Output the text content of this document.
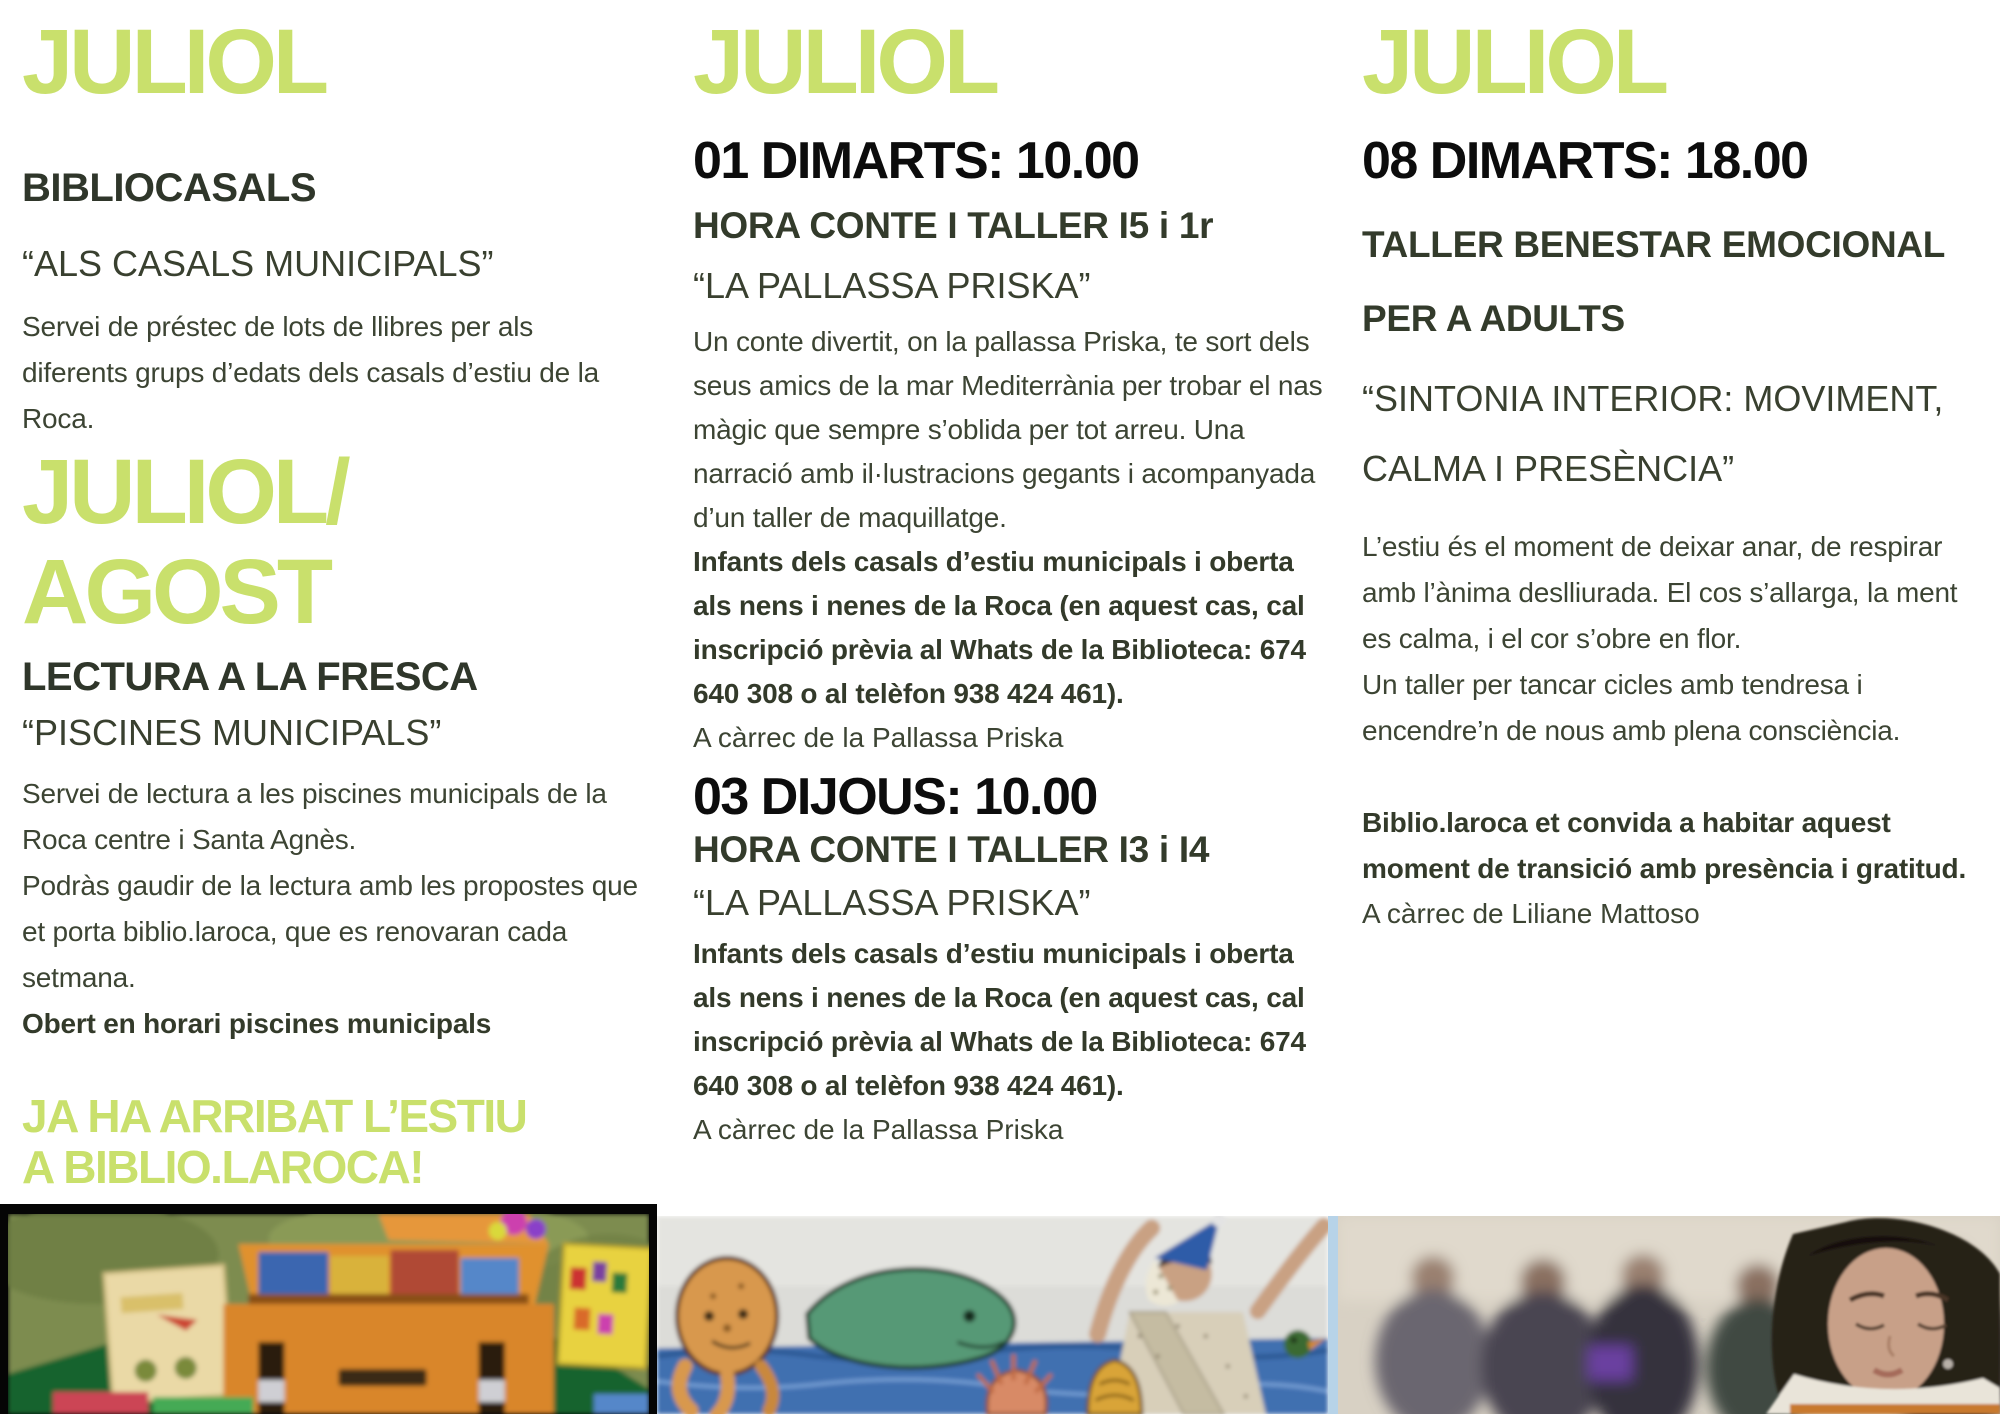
JULIOL
BIBLIOCASALS
“ALS CASALS MUNICIPALS”
Servei de préstec de lots de llibres per als diferents grups d’edats dels casals d’estiu de la Roca.
JULIOL/
AGOST
LECTURA A LA FRESCA
“PISCINES MUNICIPALS”
Servei de lectura a les piscines municipals de la Roca centre i Santa Agnès.
Podràs gaudir de la lectura amb les propostes que et porta biblio.laroca, que es renovaran cada setmana.
Obert en horari piscines municipals
JA HA ARRIBAT L’ESTIU
A BIBLIO.LAROCA!
JULIOL
01 DIMARTS: 10.00
HORA CONTE I TALLER I5 i 1r
“LA PALLASSA PRISKA”
Un conte divertit, on la pallassa Priska, te sort dels seus amics de la mar Mediterrània per trobar el nas màgic que sempre s’oblida per tot arreu. Una narració amb il·lustracions gegants i acompanyada d’un taller de maquillatge.
Infants dels casals d’estiu municipals i oberta als nens i nenes de la Roca (en aquest cas, cal inscripció prèvia al Whats de la Biblioteca: 674 640 308 o al telèfon 938 424 461).
A càrrec de la Pallassa Priska
03 DIJOUS: 10.00
HORA CONTE I TALLER I3 i I4
“LA PALLASSA PRISKA”
Infants dels casals d’estiu municipals i oberta als nens i nenes de la Roca (en aquest cas, cal inscripció prèvia al Whats de la Biblioteca: 674 640 308 o al telèfon 938 424 461).
A càrrec de la Pallassa Priska
JULIOL
08 DIMARTS: 18.00
TALLER BENESTAR EMOCIONAL
PER A ADULTS
“SINTONIA INTERIOR: MOVIMENT,
CALMA I PRESÈNCIA”
L’estiu és el moment de deixar anar, de respirar amb l’ànima deslliurada. El cos s’allarga, la ment es calma, i el cor s’obre en flor.
Un taller per tancar cicles amb tendresa i encendre’n de nous amb plena consciència.
Biblio.laroca et convida a habitar aquest moment de transició amb presència i gratitud.
A càrrec de Liliane Mattoso
